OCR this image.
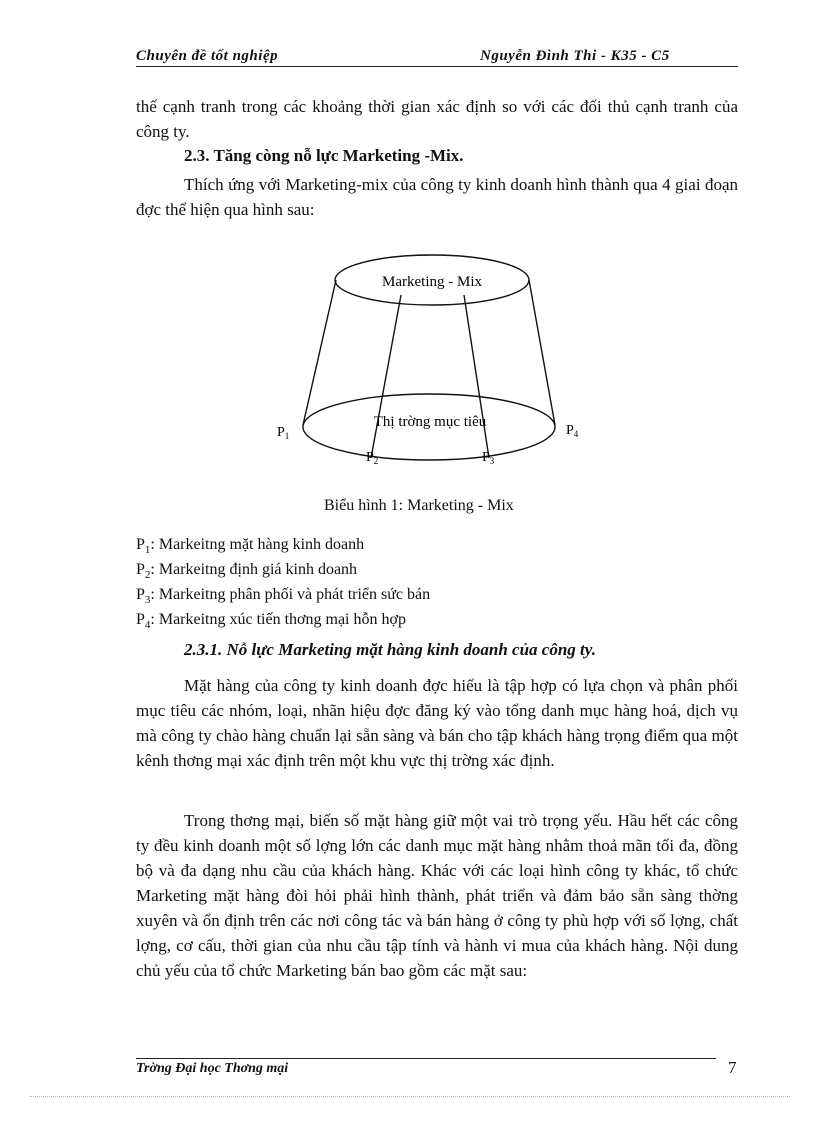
Chuyên đề tốt nghiệp	Nguyễn Đình Thi - K35 - C5

thế cạnh tranh trong các khoảng thời gian xác định so với các đối thủ cạnh tranh của công ty.

2.3. Tăng còng nỗ lực Marketing -Mix.

Thích ứng với Marketing-mix của công ty kinh doanh hình thành qua 4 giai đoạn đợc thể hiện qua hình sau:

Marketing - Mix
Thị trờng mục tiêu
$P_1$
$P_2$	$P_3$
$P_4$

Biểu hình 1: Marketing - Mix

$P_1$: Markeitng mặt hàng kinh doanh
$P_2$: Markeitng định giá kinh doanh
$P_3$: Markeitng phân phối và phát triển sức bán
$P_4$: Markeitng xúc tiến thơng mại hỗn hợp

2.3.1. Nỗ lực Marketing mặt hàng kinh doanh của công ty.

Mặt hàng của công ty kinh doanh đợc hiểu là tập hợp có lựa chọn và phân phối mục tiêu các nhóm, loại, nhãn hiệu đợc đăng ký vào tổng danh mục hàng hoá, dịch vụ mà công ty chào hàng chuẩn lại sẵn sàng và bán cho tập khách hàng trọng điểm qua một kênh thơng mại xác định trên một khu vực thị trờng xác định.

Trong thơng mại, biến số mặt hàng giữ một vai trò trọng yếu. Hầu hết các công ty đều kinh doanh một số lợng lớn các danh mục mặt hàng nhằm thoả mãn tối đa, đồng bộ và đa dạng nhu cầu của khách hàng. Khác với các loại hình công ty khác, tổ chức Marketing mặt hàng đòi hỏi phải hình thành, phát triển và đảm bảo sẵn sàng thờng xuyên và ổn định trên các nơi công tác và bán hàng ở công ty phù hợp với số lợng, chất lợng, cơ cấu, thời gian của nhu cầu tập tính và hành vi mua của khách hàng. Nội dung chủ yếu của tổ chức Marketing bán bao gồm các mặt sau:

Trờng Đại học Thơng mại	7
